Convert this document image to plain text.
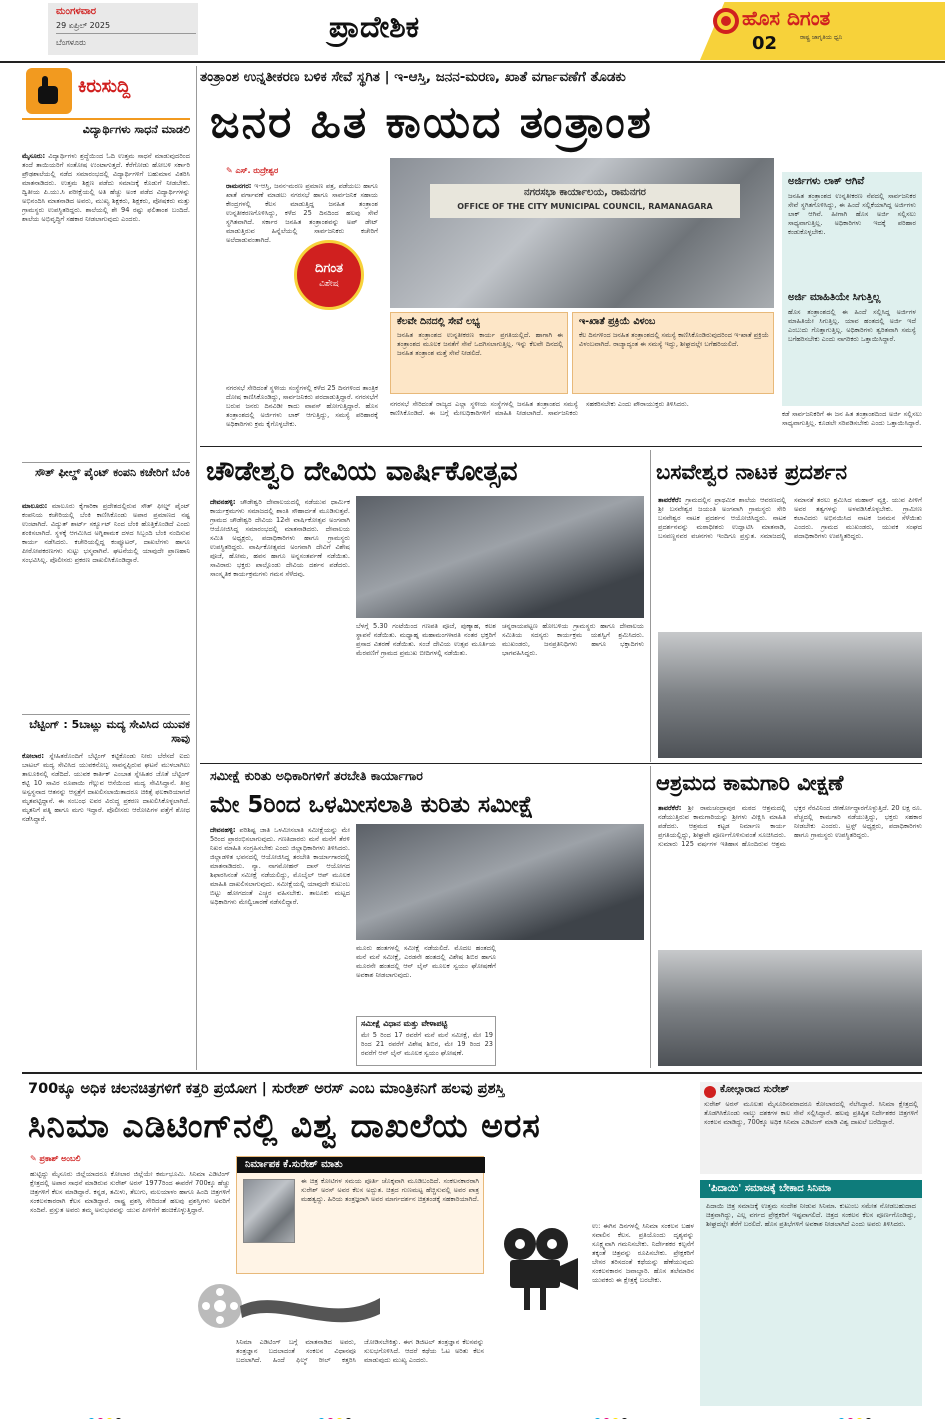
ಮಂಗಳವಾರ
29 ಏಪ್ರಿಲ್ 2025
ಬೆಂಗಳೂರು	ಪ್ರಾದೇಶಿಕ	ಹೊಸ ದಿಗಂತ
ರಾಷ್ಟ್ರ ಜಾಗೃತಿಯ ಧ್ವನಿ
02
ಕಿರುಸುದ್ದಿ
ವಿದ್ಯಾರ್ಥಿಗಳು ಸಾಧನೆ ಮಾಡಲಿ
ಮೈಸೂರು: ವಿದ್ಯಾರ್ಥಿಗಳು ಶ್ರದ್ಧೆಯಿಂದ ಓದಿ ಉತ್ತಮ ಸಾಧನೆ ಮಾಡುವುದರಿಂದ ತಂದೆ ತಾಯಿಯರಿಗೆ ಸಂತೋಷ ಉಂಟಾಗುತ್ತದೆ. ಕೆರೆಗೋಡು ಹೋಬಳಿ ಸರ್ಕಾರಿ ಪ್ರೌಢಶಾಲೆಯಲ್ಲಿ ನಡೆದ ಸಮಾರಂಭದಲ್ಲಿ ವಿದ್ಯಾರ್ಥಿಗಳಿಗೆ ಬಹುಮಾನ ವಿತರಿಸಿ ಮಾತನಾಡಿದರು. ಉತ್ತಮ ಶಿಕ್ಷಣ ಪಡೆದು ಸಮಾಜಕ್ಕೆ ಕೊಡುಗೆ ನೀಡಬೇಕು. ದ್ವಿತೀಯ ಪಿ.ಯು.ಸಿ ಪರೀಕ್ಷೆಯಲ್ಲಿ ಅತಿ ಹೆಚ್ಚು ಅಂಕ ಪಡೆದ ವಿದ್ಯಾರ್ಥಿಗಳನ್ನು ಅಭಿನಂದಿಸಿ ಮಾತನಾಡಿದ ಅವರು, ಮುಖ್ಯ ಶಿಕ್ಷಕರು, ಶಿಕ್ಷಕರು, ಪೋಷಕರು ಮತ್ತು ಗ್ರಾಮಸ್ಥರು ಉಪಸ್ಥಿತರಿದ್ದರು. ಶಾಲೆಯಲ್ಲಿ ಶೇ 94 ರಷ್ಟು ಫಲಿತಾಂಶ ಬಂದಿದೆ. ಶಾಲೆಯ ಅಭಿವೃದ್ಧಿಗೆ ಸಹಕಾರ ನೀಡಲಾಗುವುದು ಎಂದರು.
ಸೌತ್ ಫೀಲ್ಡ್ ಪೈಂಟ್ ಕಂಪನಿ ಕಚೇರಿಗೆ ಬೆಂಕಿ
ಮಾಲೂರು: ಮಾಲೂರು ಕೈಗಾರಿಕಾ ಪ್ರದೇಶದಲ್ಲಿರುವ ಸೌತ್ ಫೀಲ್ಡ್ ಪೈಂಟ್ ಕಂಪನಿಯ ಕಚೇರಿಯಲ್ಲಿ ಬೆಂಕಿ ಕಾಣಿಸಿಕೊಂಡು ಅಪಾರ ಪ್ರಮಾಣದ ನಷ್ಟ ಉಂಟಾಗಿದೆ. ವಿದ್ಯುತ್ ಶಾರ್ಟ್ ಸರ್ಕ್ಯೂಟ್ ನಿಂದ ಬೆಂಕಿ ಹೊತ್ತಿಕೊಂಡಿದೆ ಎಂದು ಶಂಕಿಸಲಾಗಿದೆ. ಸ್ಥಳಕ್ಕೆ ಆಗಮಿಸಿದ ಅಗ್ನಿಶಾಮಕ ದಳದ ಸಿಬ್ಬಂದಿ ಬೆಂಕಿ ನಂದಿಸುವ ಕಾರ್ಯ ನಡೆಸಿದರು. ಕಚೇರಿಯಲ್ಲಿದ್ದ ಕಂಪ್ಯೂಟರ್, ದಾಖಲೆಗಳು ಹಾಗೂ ಪೀಠೋಪಕರಣಗಳು ಸುಟ್ಟು ಭಸ್ಮವಾಗಿವೆ. ಘಟನೆಯಲ್ಲಿ ಯಾವುದೇ ಪ್ರಾಣಹಾನಿ ಸಂಭವಿಸಿಲ್ಲ. ಪೊಲೀಸರು ಪ್ರಕರಣ ದಾಖಲಿಸಿಕೊಂಡಿದ್ದಾರೆ.
ಬೆಟ್ಟಿಂಗ್ : 5ಬಾಟ್ಲು ಮದ್ಯ ಸೇವಿಸಿದ ಯುವಕ ಸಾವು
ಕೋಲಾರ: ಸ್ನೇಹಿತರೊಂದಿಗೆ ಬೆಟ್ಟಿಂಗ್ ಕಟ್ಟಿಕೊಂಡು ನೀರು ಬೆರೆಸದೆ ಐದು ಬಾಟಲ್ ಮದ್ಯ ಸೇವಿಸಿದ ಯುವಕನೊಬ್ಬ ಸಾವನ್ನಪ್ಪಿರುವ ಘಟನೆ ಮುಳಬಾಗಿಲು ತಾಲೂಕಿನಲ್ಲಿ ನಡೆದಿದೆ. ಯುವಕ ಕಾರ್ತಿಕ್ ಎಂಬಾತ ಸ್ನೇಹಿತರ ಜೊತೆ ಬೆಟ್ಟಿಂಗ್ ಕಟ್ಟಿ 10 ಸಾವಿರ ರೂಪಾಯಿ ಗೆಲ್ಲುವ ಆಸೆಯಿಂದ ಮದ್ಯ ಸೇವಿಸಿದ್ದಾನೆ. ತೀವ್ರ ಅಸ್ವಸ್ಥನಾದ ಆತನನ್ನು ಆಸ್ಪತ್ರೆಗೆ ದಾಖಲಿಸಲಾಯಿತಾದರೂ ಚಿಕಿತ್ಸೆ ಫಲಕಾರಿಯಾಗದೆ ಮೃತಪಟ್ಟಿದ್ದಾನೆ. ಈ ಸಂಬಂಧ ಐವರ ವಿರುದ್ಧ ಪ್ರಕರಣ ದಾಖಲಿಸಿಕೊಳ್ಳಲಾಗಿದೆ. ಮೃತನಿಗೆ ಪತ್ನಿ ಹಾಗೂ ಮಗು ಇದ್ದಾರೆ. ಪೊಲೀಸರು ಆರೋಪಿಗಳ ಪತ್ತೆಗೆ ಶೋಧ ನಡೆಸಿದ್ದಾರೆ.
ತಂತ್ರಾಂಶ ಉನ್ನತೀಕರಣ ಬಳಿಕ ಸೇವೆ ಸ್ಥಗಿತ | ಇ-ಆಸ್ತಿ, ಜನನ-ಮರಣ, ಖಾತೆ ವರ್ಗಾವಣೆಗೆ ತೊಡಕು
ಜನರ ಹಿತ ಕಾಯದ ತಂತ್ರಾಂಶ
✎ ಎಸ್. ರುದ್ರೇಶ್ವರ
ರಾಮನಗರ: ಇ-ಆಸ್ತಿ, ಜನನ-ಮರಣ ಪ್ರಮಾಣ ಪತ್ರ, ಪಡೆಯಲು ಹಾಗೂ ಖಾತೆ ವರ್ಗಾವಣೆ ಮಾಡಲು ನಗರಸಭೆ ಹಾಗೂ ಸಾರ್ವಜನಿಕ ಸಹಾಯ ಕೇಂದ್ರಗಳಲ್ಲಿ ಕೆಲಸ ಮಾಡುತ್ತಿದ್ದ ಜನಹಿತ ತಂತ್ರಾಂಶ ಉನ್ನತೀಕರಣಗೊಳಿಸಿದ್ದು, ಕಳೆದ 25 ದಿನದಿಂದ ಹಲವು ಸೇವೆ ಸ್ಥಗಿತವಾಗಿದೆ. ಸರ್ಕಾರ ಜನಹಿತ ತಂತ್ರಾಂಶವನ್ನು ಅಪ್ ಡೇಟ್ ಮಾಡುತ್ತಿರುವ ಹಿನ್ನೆಲೆಯಲ್ಲಿ ಸಾರ್ವಜನಿಕರು ಕಚೇರಿಗೆ ಅಲೆದಾಡುವಂತಾಗಿದೆ.
ದಿಗಂತ
ವಿಶೇಷ
ನಗರಸಭಾ ಕಾರ್ಯಾಲಯ, ರಾಮನಗರ
OFFICE OF THE CITY MUNICIPAL COUNCIL, RAMANAGARA
ಕೆಲವೇ ದಿನದಲ್ಲಿ ಸೇವೆ ಲಭ್ಯ
ಜನಹಿತ ತಂತ್ರಾಂಶದ ಉನ್ನತೀಕರಣ ಕಾರ್ಯ ಪ್ರಗತಿಯಲ್ಲಿದೆ. ಹಾಗಾಗಿ ಈ ತಂತ್ರಾಂಶದ ಮೂಲಕ ಜನತೆಗೆ ಸೇವೆ ಒದಗಿಸಲಾಗುತ್ತಿಲ್ಲ. ಇನ್ನು ಕೆಲವೇ ದಿನದಲ್ಲಿ ಜನಹಿತ ತಂತ್ರಾಂಶ ಮತ್ತೆ ಸೇವೆ ನೀಡಲಿದೆ.
ಇ-ಖಾತೆ ಪ್ರಕ್ರಿಯೆ ವಿಳಂಬ
ಕೆಲ ದಿನಗಳಿಂದ ಜನಹಿತ ತಂತ್ರಾಂಶದಲ್ಲಿ ಸಮಸ್ಯೆ ಕಾಣಿಸಿಕೊಂಡಿರುವುದರಿಂದ ಇ-ಖಾತೆ ಪ್ರಕ್ರಿಯೆ ವಿಳಂಬವಾಗಿದೆ. ರಾಜ್ಯಾದ್ಯಂತ ಈ ಸಮಸ್ಯೆ ಇದ್ದು, ಶೀಘ್ರದಲ್ಲೇ ಬಗೆಹರಿಯಲಿದೆ.
ನಗರಸಭೆ ಸೇರಿದಂತೆ ಸ್ಥಳೀಯ ಸಂಸ್ಥೆಗಳಲ್ಲಿ ಕಳೆದ 25 ದಿನಗಳಿಂದ ತಾಂತ್ರಿಕ ದೋಷ ಕಾಣಿಸಿಕೊಂಡಿದ್ದು, ಸಾರ್ವಜನಿಕರು ಪರದಾಡುತ್ತಿದ್ದಾರೆ. ನಗರಸಭೆಗೆ ಬರುವ ಜನರು ದಿನವಿಡೀ ಕಾದು ವಾಪಸ್ ಹೋಗುತ್ತಿದ್ದಾರೆ. ಹೊಸ ತಂತ್ರಾಂಶದಲ್ಲಿ ಅರ್ಜಿಗಳು ಲಾಕ್ ಆಗುತ್ತಿದ್ದು, ಸಮಸ್ಯೆ ಪರಿಹಾರಕ್ಕೆ ಅಧಿಕಾರಿಗಳು ಕ್ರಮ ಕೈಗೊಳ್ಳಬೇಕು.
ನಗರಸಭೆ ಸೇರಿದಂತೆ ರಾಜ್ಯದ ಎಲ್ಲಾ ಸ್ಥಳೀಯ ಸಂಸ್ಥೆಗಳಲ್ಲಿ ಜನಹಿತ ತಂತ್ರಾಂಶದ ಸಮಸ್ಯೆ ಕಾಣಿಸಿಕೊಂಡಿದೆ. ಈ ಬಗ್ಗೆ ಮೇಲಧಿಕಾರಿಗಳಿಗೆ ಮಾಹಿತಿ ನೀಡಲಾಗಿದೆ. ಸಾರ್ವಜನಿಕರು ಸಹಕರಿಸಬೇಕು ಎಂದು ಪೌರಾಯುಕ್ತರು ತಿಳಿಸಿದರು.
ಅರ್ಜಿಗಳು ಲಾಕ್ ಆಗಿವೆ
ಜನಹಿತ ತಂತ್ರಾಂಶದ ಉನ್ನತೀಕರಣ ನೆಪದಲ್ಲಿ ಸಾರ್ವಜನಿಕರ ಸೇವೆ ಸ್ಥಗಿತಗೊಳಿಸಿದ್ದು, ಈ ಹಿಂದೆ ಸಲ್ಲಿಕೆಯಾಗಿದ್ದ ಅರ್ಜಿಗಳು ಲಾಕ್ ಆಗಿವೆ. ಹೀಗಾಗಿ ಹೊಸ ಅರ್ಜಿ ಸಲ್ಲಿಸಲು ಸಾಧ್ಯವಾಗುತ್ತಿಲ್ಲ. ಅಧಿಕಾರಿಗಳು ಇದಕ್ಕೆ ಪರಿಹಾರ ಕಂಡುಕೊಳ್ಳಬೇಕು.
ಅರ್ಜಿ ಮಾಹಿತಿಯೇ ಸಿಗುತ್ತಿಲ್ಲ
ಹೊಸ ತಂತ್ರಾಂಶದಲ್ಲಿ ಈ ಹಿಂದೆ ಸಲ್ಲಿಸಿದ್ದ ಅರ್ಜಿಗಳ ಮಾಹಿತಿಯೇ ಸಿಗುತ್ತಿಲ್ಲ. ಯಾವ ಹಂತದಲ್ಲಿ ಅರ್ಜಿ ಇದೆ ಎಂಬುದು ಗೊತ್ತಾಗುತ್ತಿಲ್ಲ. ಅಧಿಕಾರಿಗಳು ತ್ವರಿತವಾಗಿ ಸಮಸ್ಯೆ ಬಗೆಹರಿಸಬೇಕು ಎಂದು ನಾಗರಿಕರು ಒತ್ತಾಯಿಸಿದ್ದಾರೆ.
ಕಡೆ ಸಾರ್ವಜನಿಕರಿಗೆ ಈ ಜನ ಹಿತ ತಂತ್ರಾಂಶದಿಂದ ಅರ್ಜಿ ಸಲ್ಲಿಸಲು ಸಾಧ್ಯವಾಗುತ್ತಿಲ್ಲ. ಕೂಡಲೇ ಸರಿಪಡಿಸಬೇಕು ಎಂದು ಒತ್ತಾಯಿಸಿದ್ದಾರೆ.
ಚೌಡೇಶ್ವರಿ ದೇವಿಯ ವಾರ್ಷಿಕೋತ್ಸವ
ದೇವನಹಳ್ಳಿ: ಚೌಡೇಶ್ವರಿ ದೇವಾಲಯದಲ್ಲಿ ನಡೆಯುವ ಧಾರ್ಮಿಕ ಕಾರ್ಯಕ್ರಮಗಳು ಸಮಾಜದಲ್ಲಿ ಶಾಂತಿ ಸೌಹಾರ್ದತೆ ಮೂಡಿಸುತ್ತವೆ. ಗ್ರಾಮದ ಚೌಡೇಶ್ವರಿ ದೇವಿಯ 12ನೇ ವಾರ್ಷಿಕೋತ್ಸವ ಅಂಗವಾಗಿ ಆಯೋಜಿಸಿದ್ದ ಸಮಾರಂಭದಲ್ಲಿ ಮಾತನಾಡಿದರು. ದೇವಾಲಯ ಸಮಿತಿ ಅಧ್ಯಕ್ಷರು, ಪದಾಧಿಕಾರಿಗಳು ಹಾಗೂ ಗ್ರಾಮಸ್ಥರು ಉಪಸ್ಥಿತರಿದ್ದರು. ವಾರ್ಷಿಕೋತ್ಸವದ ಅಂಗವಾಗಿ ದೇವಿಗೆ ವಿಶೇಷ ಪೂಜೆ, ಹೋಮ, ಹವನ ಹಾಗೂ ಅನ್ನಸಂತರ್ಪಣೆ ನಡೆಯಿತು. ಸಾವಿರಾರು ಭಕ್ತರು ಪಾಲ್ಗೊಂಡು ದೇವಿಯ ದರ್ಶನ ಪಡೆದರು. ಸಾಂಸ್ಕೃತಿಕ ಕಾರ್ಯಕ್ರಮಗಳು ಗಮನ ಸೆಳೆದವು.
ಬೆಳಗ್ಗೆ 5.30 ಗಂಟೆಯಿಂದ ಗಣಪತಿ ಪೂಜೆ, ಪುಣ್ಯಾಹ, ಕಲಶ ಸ್ಥಾಪನೆ ನಡೆಯಿತು. ಮಧ್ಯಾಹ್ನ ಮಹಾಮಂಗಳಾರತಿ ನಂತರ ಭಕ್ತರಿಗೆ ಪ್ರಸಾದ ವಿತರಣೆ ನಡೆಯಿತು. ಸಂಜೆ ದೇವಿಯ ಉತ್ಸವ ಮೂರ್ತಿಯ ಮೆರವಣಿಗೆ ಗ್ರಾಮದ ಪ್ರಮುಖ ಬೀದಿಗಳಲ್ಲಿ ನಡೆಯಿತು.
ಚನ್ನರಾಯಪಟ್ಟಣ ಹೋಬಳಿಯ ಗ್ರಾಮಸ್ಥರು ಹಾಗೂ ದೇವಾಲಯ ಸಮಿತಿಯ ಸದಸ್ಯರು ಕಾರ್ಯಕ್ರಮ ಯಶಸ್ವಿಗೆ ಶ್ರಮಿಸಿದರು. ಮುಖಂಡರು, ಜನಪ್ರತಿನಿಧಿಗಳು ಹಾಗೂ ಭಕ್ತಾದಿಗಳು ಭಾಗವಹಿಸಿದ್ದರು.
ಬಸವೇಶ್ವರ ನಾಟಕ ಪ್ರದರ್ಶನ
ತಾವರೆಕೆರೆ: ಗ್ರಾಮದಲ್ಲಿನ ಪ್ರಾಥಮಿಕ ಶಾಲೆಯ ಆವರಣದಲ್ಲಿ ಶ್ರೀ ಬಸವೇಶ್ವರ ಜಯಂತಿ ಅಂಗವಾಗಿ ಗ್ರಾಮಸ್ಥರು ಸೇರಿ ಬಸವೇಶ್ವರ ನಾಟಕ ಪ್ರದರ್ಶನ ಆಯೋಜಿಸಿದ್ದರು. ನಾಟಕ ಪ್ರದರ್ಶನವನ್ನು ಮಠಾಧೀಶರು ಉದ್ಘಾಟಿಸಿ ಮಾತನಾಡಿ, ಬಸವಣ್ಣನವರ ವಚನಗಳು ಇಂದಿಗೂ ಪ್ರಸ್ತುತ. ಸಮಾಜದಲ್ಲಿ ಸಮಾನತೆ ತರಲು ಶ್ರಮಿಸಿದ ಮಹಾನ್ ವ್ಯಕ್ತಿ. ಯುವ ಪೀಳಿಗೆ ಅವರ ತತ್ವಗಳನ್ನು ಅಳವಡಿಸಿಕೊಳ್ಳಬೇಕು. ಗ್ರಾಮೀಣ ಕಲಾವಿದರು ಅಭಿನಯಿಸಿದ ನಾಟಕ ಜನಮನ ಸೆಳೆಯಿತು ಎಂದರು. ಗ್ರಾಮದ ಮುಖಂಡರು, ಯುವಕ ಸಂಘದ ಪದಾಧಿಕಾರಿಗಳು ಉಪಸ್ಥಿತರಿದ್ದರು.
ಸಮೀಕ್ಷೆ ಕುರಿತು ಅಧಿಕಾರಿಗಳಿಗೆ ತರಬೇತಿ ಕಾರ್ಯಾಗಾರ
ಮೇ 5ರಿಂದ ಒಳಮೀಸಲಾತಿ ಕುರಿತು ಸಮೀಕ್ಷೆ
ದೇವನಹಳ್ಳಿ: ಪರಿಶಿಷ್ಟ ಜಾತಿ ಒಳಮೀಸಲಾತಿ ಸಮೀಕ್ಷೆಯನ್ನು ಮೇ 5ರಿಂದ ಪ್ರಾರಂಭಿಸಲಾಗುವುದು. ಗಣತಿದಾರರು ಮನೆ ಮನೆಗೆ ತೆರಳಿ ನಿಖರ ಮಾಹಿತಿ ಸಂಗ್ರಹಿಸಬೇಕು ಎಂದು ಜಿಲ್ಲಾಧಿಕಾರಿಗಳು ತಿಳಿಸಿದರು. ಜಿಲ್ಲಾಡಳಿತ ಭವನದಲ್ಲಿ ಆಯೋಜಿಸಿದ್ದ ತರಬೇತಿ ಕಾರ್ಯಾಗಾರದಲ್ಲಿ ಮಾತನಾಡಿದರು. ನ್ಯಾ. ನಾಗಮೋಹನ್ ದಾಸ್ ಆಯೋಗದ ಶಿಫಾರಸಿನಂತೆ ಸಮೀಕ್ಷೆ ನಡೆಯಲಿದ್ದು, ಮೊಬೈಲ್ ಆಪ್ ಮೂಲಕ ಮಾಹಿತಿ ದಾಖಲಿಸಲಾಗುವುದು. ಸಮೀಕ್ಷೆಯಲ್ಲಿ ಯಾವುದೇ ಕುಟುಂಬ ಬಿಟ್ಟು ಹೋಗದಂತೆ ಎಚ್ಚರ ವಹಿಸಬೇಕು. ತಾಲೂಕು ಮಟ್ಟದ ಅಧಿಕಾರಿಗಳು ಮೇಲ್ವಿಚಾರಣೆ ನಡೆಸಲಿದ್ದಾರೆ.
ಮೂರು ಹಂತಗಳಲ್ಲಿ ಸಮೀಕ್ಷೆ ನಡೆಯಲಿದೆ. ಮೊದಲ ಹಂತದಲ್ಲಿ ಮನೆ ಮನೆ ಸಮೀಕ್ಷೆ, ಎರಡನೇ ಹಂತದಲ್ಲಿ ವಿಶೇಷ ಶಿಬಿರ ಹಾಗೂ ಮೂರನೇ ಹಂತದಲ್ಲಿ ಆನ್ ಲೈನ್ ಮೂಲಕ ಸ್ವಯಂ ಘೋಷಣೆಗೆ ಅವಕಾಶ ನೀಡಲಾಗುವುದು.
ಸಮೀಕ್ಷೆ ವಿಧಾನ ಮತ್ತು ವೇಳಾಪಟ್ಟಿ
ಮೇ 5 ರಿಂದ 17 ರವರೆಗೆ ಮನೆ ಮನೆ ಸಮೀಕ್ಷೆ, ಮೇ 19 ರಿಂದ 21 ರವರೆಗೆ ವಿಶೇಷ ಶಿಬಿರ, ಮೇ 19 ರಿಂದ 23 ರವರೆಗೆ ಆನ್ ಲೈನ್ ಮೂಲಕ ಸ್ವಯಂ ಘೋಷಣೆ.
ಆಶ್ರಮದ ಕಾಮಗಾರಿ ವೀಕ್ಷಣೆ
ತಾವರೆಕೆರೆ: ಶ್ರೀ ರಾಮಚಂದ್ರಾಪುರ ಮಠದ ಆಶ್ರಮದಲ್ಲಿ ನಡೆಯುತ್ತಿರುವ ಕಾಮಗಾರಿಯನ್ನು ಶ್ರೀಗಳು ವೀಕ್ಷಿಸಿ ಮಾಹಿತಿ ಪಡೆದರು. ಆಶ್ರಮದ ಕಟ್ಟಡ ನಿರ್ಮಾಣ ಕಾರ್ಯ ಪ್ರಗತಿಯಲ್ಲಿದ್ದು, ಶೀಘ್ರವೇ ಪೂರ್ಣಗೊಳಿಸುವಂತೆ ಸೂಚಿಸಿದರು. ಸುಮಾರು 125 ವರ್ಷಗಳ ಇತಿಹಾಸ ಹೊಂದಿರುವ ಆಶ್ರಮ ಭಕ್ತರ ನೆರವಿನಿಂದ ಜೀರ್ಣೋದ್ಧಾರಗೊಳ್ಳುತ್ತಿದೆ. 20 ಲಕ್ಷ ರೂ. ವೆಚ್ಚದಲ್ಲಿ ಕಾಮಗಾರಿ ನಡೆಯುತ್ತಿದ್ದು, ಭಕ್ತರು ಸಹಕಾರ ನೀಡಬೇಕು ಎಂದರು. ಟ್ರಸ್ಟ್ ಅಧ್ಯಕ್ಷರು, ಪದಾಧಿಕಾರಿಗಳು ಹಾಗೂ ಗ್ರಾಮಸ್ಥರು ಉಪಸ್ಥಿತರಿದ್ದರು.
700ಕ್ಕೂ ಅಧಿಕ ಚಲನಚಿತ್ರಗಳಿಗೆ ಕತ್ತರಿ ಪ್ರಯೋಗ | ಸುರೇಶ್ ಅರಸ್ ಎಂಬ ಮಾಂತ್ರಿಕನಿಗೆ ಹಲವು ಪ್ರಶಸ್ತಿ
ಸಿನಿಮಾ ಎಡಿಟಿಂಗ್‌ನಲ್ಲಿ ವಿಶ್ವ ದಾಖಲೆಯ ಅರಸ
✎ ಪ್ರಕಾಶ್ ಅಂಬಲಿ
ಹುಟ್ಟಿದ್ದು ಮೈಸೂರು ಜಿಲ್ಲೆಯಾದರೂ ಕೋಲಾರ ಜಿಲ್ಲೆಯೇ ಕರ್ಮಭೂಮಿ. ಸಿನಿಮಾ ಎಡಿಟಿಂಗ್ ಕ್ಷೇತ್ರದಲ್ಲಿ ಅಪಾರ ಸಾಧನೆ ಮಾಡಿರುವ ಸುರೇಶ್ ಅರಸ್ 1977ರಿಂದ ಈವರೆಗೆ 700ಕ್ಕೂ ಹೆಚ್ಚು ಚಿತ್ರಗಳಿಗೆ ಕೆಲಸ ಮಾಡಿದ್ದಾರೆ. ಕನ್ನಡ, ತಮಿಳು, ತೆಲುಗು, ಮಲಯಾಳಂ ಹಾಗೂ ಹಿಂದಿ ಚಿತ್ರಗಳಿಗೆ ಸಂಕಲನಕಾರರಾಗಿ ಕೆಲಸ ಮಾಡಿದ್ದಾರೆ. ರಾಷ್ಟ್ರ ಪ್ರಶಸ್ತಿ ಸೇರಿದಂತೆ ಹಲವು ಪ್ರಶಸ್ತಿಗಳು ಅವರಿಗೆ ಸಂದಿವೆ. ಪ್ರಸ್ತುತ ಅವರು ತಮ್ಮ ಅನುಭವವನ್ನು ಯುವ ಪೀಳಿಗೆಗೆ ಹಂಚಿಕೊಳ್ಳುತ್ತಿದ್ದಾರೆ.
ನಿರ್ಮಾಪಕ ಕೆ.ಸುರೇಶ್ ಮಾತು
ಈ ಚಿತ್ರ ಕೋಟಿಗಳ ಸಮಯ ಪೂರ್ತಿ ಚೊಕ್ಕವಾಗಿ ಮೂಡಿಬಂದಿದೆ. ಸಂಕಲನಕಾರರಾಗಿ ಸುರೇಶ್ ಅರಸ್ ಅವರ ಕೆಲಸ ಅದ್ಭುತ. ಚಿತ್ರದ ಗುಣಮಟ್ಟ ಹೆಚ್ಚಿಸುವಲ್ಲಿ ಅವರ ಪಾತ್ರ ಮಹತ್ವದ್ದು. ಹಿರಿಯ ತಂತ್ರಜ್ಞರಾಗಿ ಅವರ ಮಾರ್ಗದರ್ಶನ ಚಿತ್ರತಂಡಕ್ಕೆ ಸಹಕಾರಿಯಾಗಿದೆ.
ಸಿನಿಮಾ ಎಡಿಟಿಂಗ್ ಬಗ್ಗೆ ಮಾತನಾಡಿದ ಅವರು, ತಂತ್ರಜ್ಞಾನ ಬದಲಾದಂತೆ ಸಂಕಲನ ವಿಧಾನವೂ ಬದಲಾಗಿದೆ. ಹಿಂದೆ ಫಿಲ್ಮ್ ರೀಲ್ ಕತ್ತರಿಸಿ ಜೋಡಿಸಬೇಕಿತ್ತು. ಈಗ ಡಿಜಿಟಲ್ ತಂತ್ರಜ್ಞಾನ ಕೆಲಸವನ್ನು ಸುಲಭಗೊಳಿಸಿದೆ. ಆದರೆ ಕಥೆಯ ಓಟ ಅರಿತು ಕೆಲಸ ಮಾಡುವುದು ಮುಖ್ಯ ಎಂದರು.
ಉ: ಈಗಿನ ದಿನಗಳಲ್ಲಿ ಸಿನಿಮಾ ಸಂಕಲನ ಬಹಳ ಸವಾಲಿನ ಕೆಲಸ. ಪ್ರತಿಯೊಂದು ದೃಶ್ಯವನ್ನು ಸೂಕ್ಷ್ಮವಾಗಿ ಗಮನಿಸಬೇಕು. ನಿರ್ದೇಶಕರ ಕಲ್ಪನೆಗೆ ತಕ್ಕಂತೆ ಚಿತ್ರವನ್ನು ರೂಪಿಸಬೇಕು. ಪ್ರೇಕ್ಷಕರಿಗೆ ಬೇಸರ ತರಿಸದಂತೆ ಕಥೆಯನ್ನು ಹೆಣೆಯುವುದು ಸಂಕಲನಕಾರನ ಜವಾಬ್ದಾರಿ. ಹೊಸ ತಲೆಮಾರಿನ ಯುವಕರು ಈ ಕ್ಷೇತ್ರಕ್ಕೆ ಬರಬೇಕು.
ಕೋಲ್ಗಾರಾದ ಸುರೇಶ್
ಸುರೇಶ್ ಅರಸ್ ಮೂಲತಃ ಮೈಸೂರಿನವರಾದರೂ ಕೋಲಾರದಲ್ಲಿ ನೆಲೆಸಿದ್ದಾರೆ. ಸಿನಿಮಾ ಕ್ಷೇತ್ರದಲ್ಲಿ ತೊಡಗಿಸಿಕೊಂಡು ನಾಲ್ಕು ದಶಕಗಳ ಕಾಲ ಸೇವೆ ಸಲ್ಲಿಸಿದ್ದಾರೆ. ಹಲವು ಪ್ರತಿಷ್ಠಿತ ನಿರ್ದೇಶಕರ ಚಿತ್ರಗಳಿಗೆ ಸಂಕಲನ ಮಾಡಿದ್ದು, 700ಕ್ಕೂ ಅಧಿಕ ಸಿನಿಮಾ ಎಡಿಟಿಂಗ್ ಮಾಡಿ ವಿಶ್ವ ದಾಖಲೆ ಬರೆದಿದ್ದಾರೆ.
'ಪಿದಾಯಿ' ಸಮಾಜಕ್ಕೆ ಬೇಕಾದ ಸಿನಿಮಾ
ಪಿದಾಯಿ ಚಿತ್ರ ಸಮಾಜಕ್ಕೆ ಉತ್ತಮ ಸಂದೇಶ ನೀಡುವ ಸಿನಿಮಾ. ಕುಟುಂಬ ಸಮೇತ ನೋಡಬಹುದಾದ ಚಿತ್ರವಾಗಿದ್ದು, ಎಲ್ಲ ವರ್ಗದ ಪ್ರೇಕ್ಷಕರಿಗೆ ಇಷ್ಟವಾಗಲಿದೆ. ಚಿತ್ರದ ಸಂಕಲನ ಕೆಲಸ ಪೂರ್ಣಗೊಂಡಿದ್ದು, ಶೀಘ್ರದಲ್ಲೇ ತೆರೆಗೆ ಬರಲಿದೆ. ಹೊಸ ಪ್ರತಿಭೆಗಳಿಗೆ ಅವಕಾಶ ನೀಡಲಾಗಿದೆ ಎಂದು ಅವರು ತಿಳಿಸಿದರು.
